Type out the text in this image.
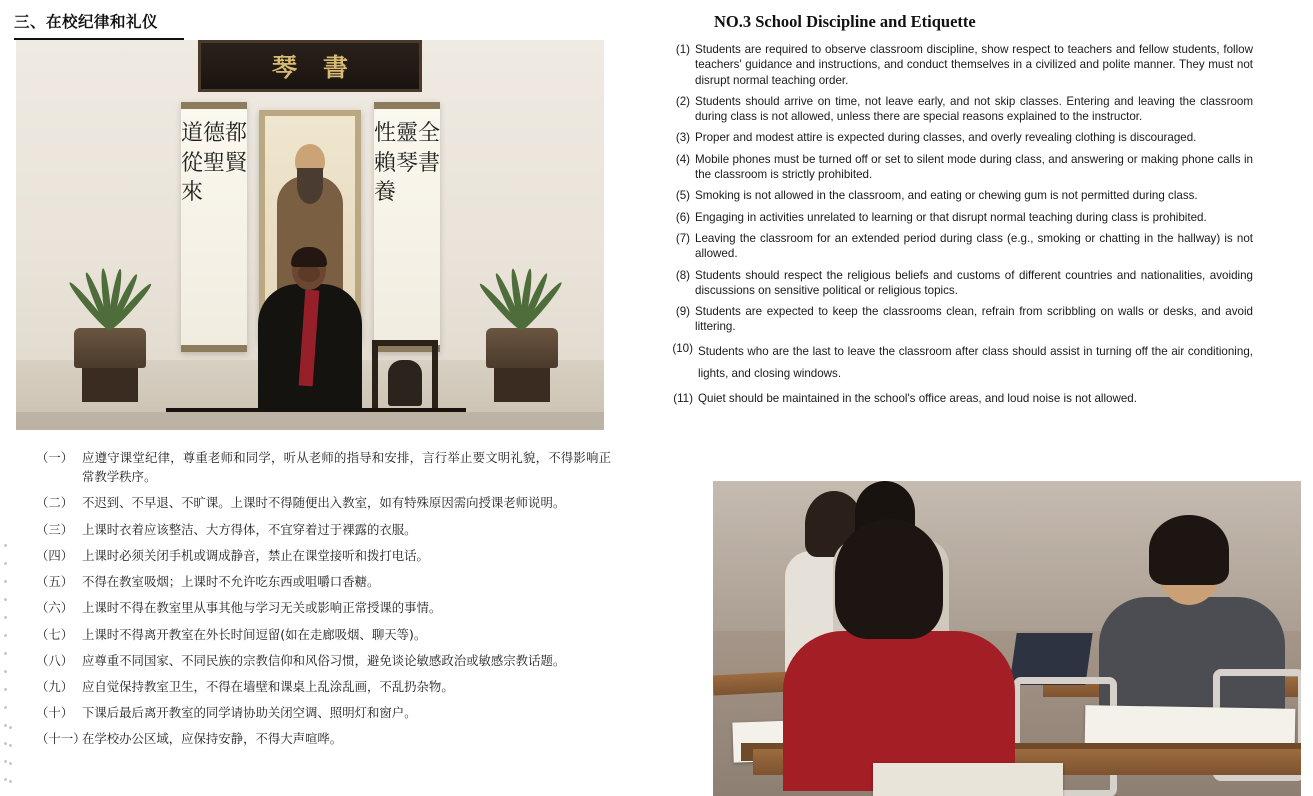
三、在校纪律和礼仪
琴 書
道德都從聖賢來
性靈全賴琴書養
（一） 应遵守课堂纪律，尊重老师和同学，听从老师的指导和安排，言行举止要文明礼貌，不得影响正常教学秩序。
（二） 不迟到、不早退、不旷课。上课时不得随便出入教室，如有特殊原因需向授课老师说明。
（三） 上课时衣着应该整洁、大方得体，不宜穿着过于裸露的衣服。
（四） 上课时必须关闭手机或调成静音，禁止在课堂接听和拨打电话。
（五） 不得在教室吸烟；上课时不允许吃东西或咀嚼口香糖。
（六） 上课时不得在教室里从事其他与学习无关或影响正常授课的事情。
（七） 上课时不得离开教室在外长时间逗留(如在走廊吸烟、聊天等)。
（八） 应尊重不同国家、不同民族的宗教信仰和风俗习惯，避免谈论敏感政治或敏感宗教话题。
（九） 应自觉保持教室卫生，不得在墙壁和课桌上乱涂乱画，不乱扔杂物。
（十） 下课后最后离开教室的同学请协助关闭空调、照明灯和窗户。
（十一）
在学校办公区域，应保持安静，不得大声喧哗。
NO.3 School Discipline and Etiquette
(1) Students are required to observe classroom discipline, show respect to teachers and fellow students, follow teachers' guidance and instructions, and conduct themselves in a civilized and polite manner. They must not disrupt normal teaching order.
(2) Students should arrive on time, not leave early, and not skip classes. Entering and leaving the classroom during class is not allowed, unless there are special reasons explained to the instructor.
(3) Proper and modest attire is expected during classes, and overly revealing clothing is discouraged.
(4) Mobile phones must be turned off or set to silent mode during class, and answering or making phone calls in the classroom is strictly prohibited.
(5) Smoking is not allowed in the classroom, and eating or chewing gum is not permitted during class.
(6) Engaging in activities unrelated to learning or that disrupt normal teaching during class is prohibited.
(7) Leaving the classroom for an extended period during class (e.g., smoking or chatting in the hallway) is not allowed.
(8) Students should respect the religious beliefs and customs of different countries and nationalities, avoiding discussions on sensitive political or religious topics.
(9) Students are expected to keep the classrooms clean, refrain from scribbling on walls or desks, and avoid littering.
(10) Students who are the last to leave the classroom after class should assist in turning off the air conditioning, lights, and closing windows.
(11) Quiet should be maintained in the school's office areas, and loud noise is not allowed.
